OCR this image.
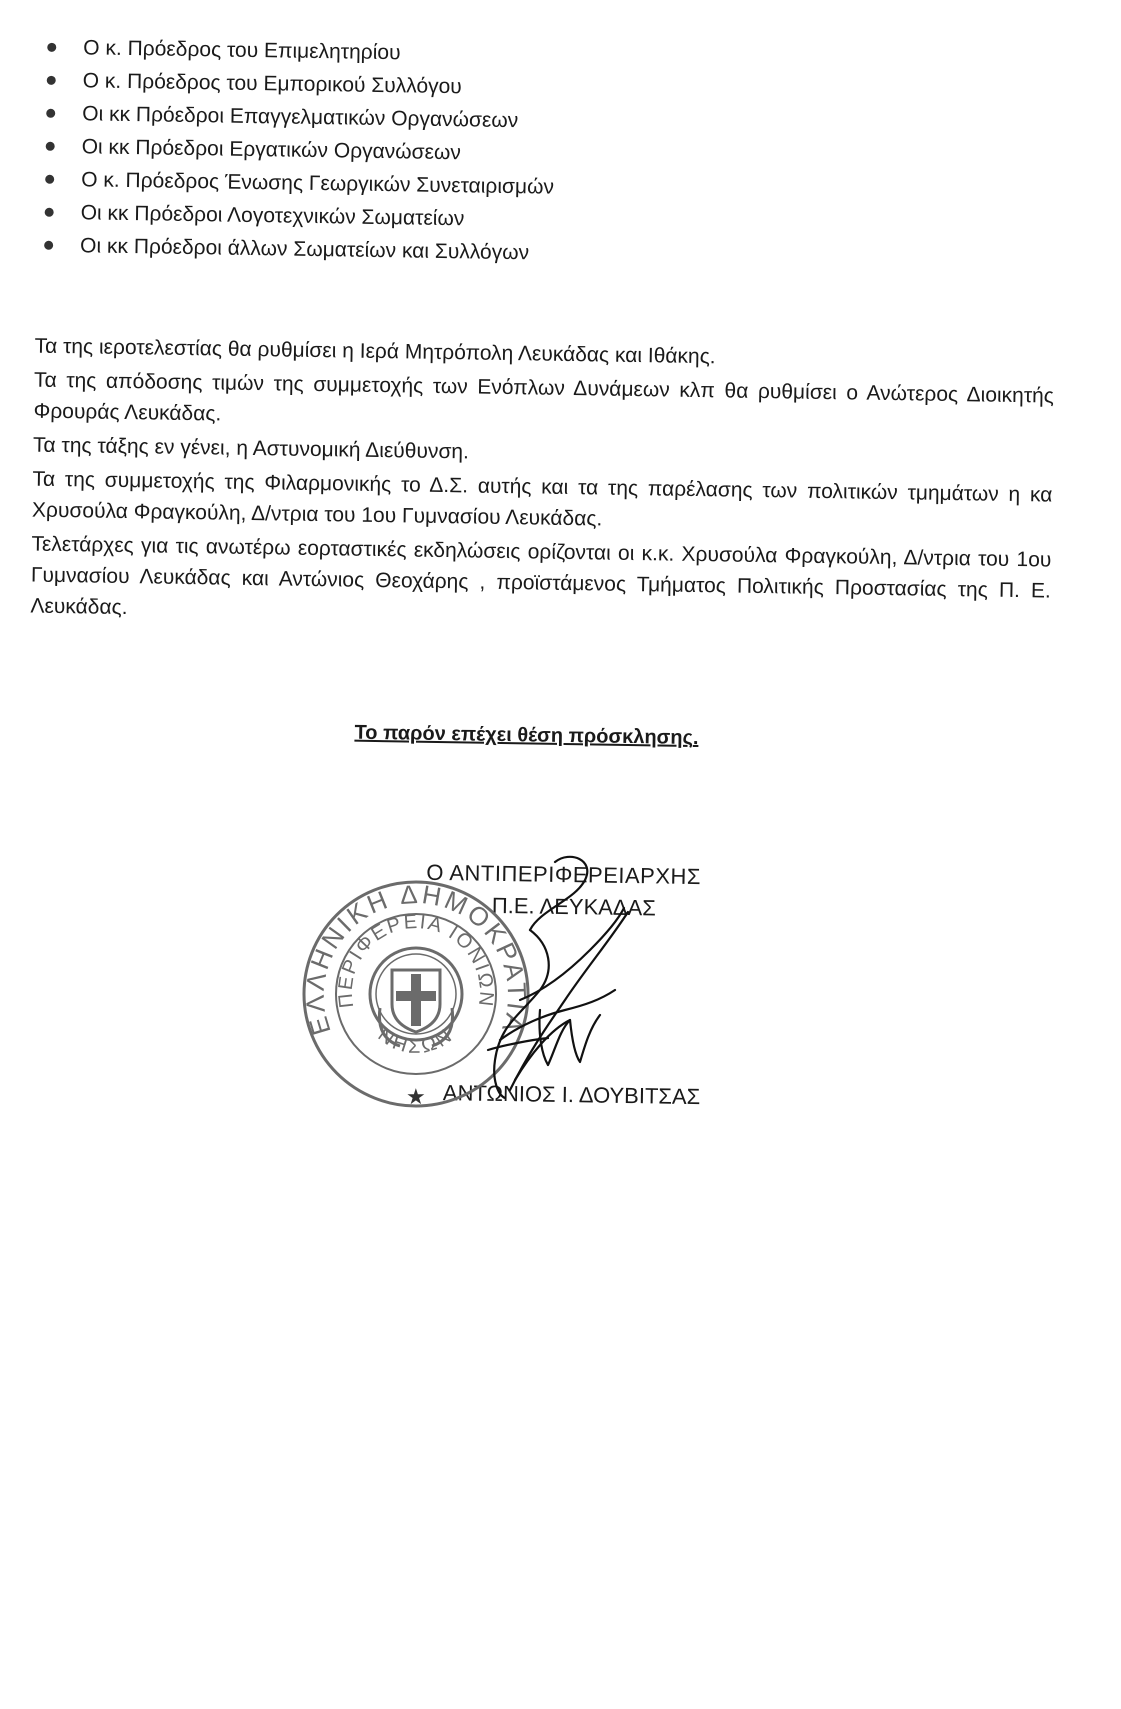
Ο κ. Πρόεδρος του Επιμελητηρίου
Ο κ. Πρόεδρος του Εμπορικού Συλλόγου
Οι κκ Πρόεδροι Επαγγελματικών Οργανώσεων
Οι κκ Πρόεδροι Εργατικών Οργανώσεων
Ο κ. Πρόεδρος Ένωσης Γεωργικών Συνεταιρισμών
Οι κκ Πρόεδροι Λογοτεχνικών Σωματείων
Οι κκ Πρόεδροι άλλων Σωματείων και Συλλόγων

Τα της ιεροτελεστίας θα ρυθμίσει η Ιερά Μητρόπολη Λευκάδας και Ιθάκης.

Τα της απόδοσης τιμών της συμμετοχής των Ενόπλων Δυνάμεων κλπ θα ρυθμίσει ο Ανώτερος Διοικητής Φρουράς Λευκάδας.

Τα της τάξης εν γένει, η Αστυνομική Διεύθυνση.

Τα της συμμετοχής της Φιλαρμονικής το Δ.Σ. αυτής και τα της παρέλασης των πολιτικών τμημάτων η κα Χρυσούλα Φραγκούλη, Δ/ντρια του 1ου Γυμνασίου Λευκάδας.

Τελετάρχες για τις ανωτέρω εορταστικές εκδηλώσεις ορίζονται οι κ.κ. Χρυσούλα Φραγκούλη, Δ/ντρια του 1ου Γυμνασίου Λευκάδας και Αντώνιος Θεοχάρης , προϊστάμενος Τμήματος Πολιτικής Προστασίας της Π. Ε. Λευκάδας.

Το παρόν επέχει θέση πρόσκλησης.
Ο ΑΝΤΙΠΕΡΙΦΕΡΕΙΑΡΧΗΣ
Π.Ε. ΛΕΥΚΑΔΑΣ
ΑΝΤΩΝΙΟΣ Ι. ΔΟΥΒΙΤΣΑΣ
ΕΛΛΗΝΙΚΗ ΔΗΜΟΚΡΑΤΙΑ
ΠΕΡΙΦΕΡΕΙΑ ΙΟΝΙΩΝ
ΝΗΣΩΝ
★
